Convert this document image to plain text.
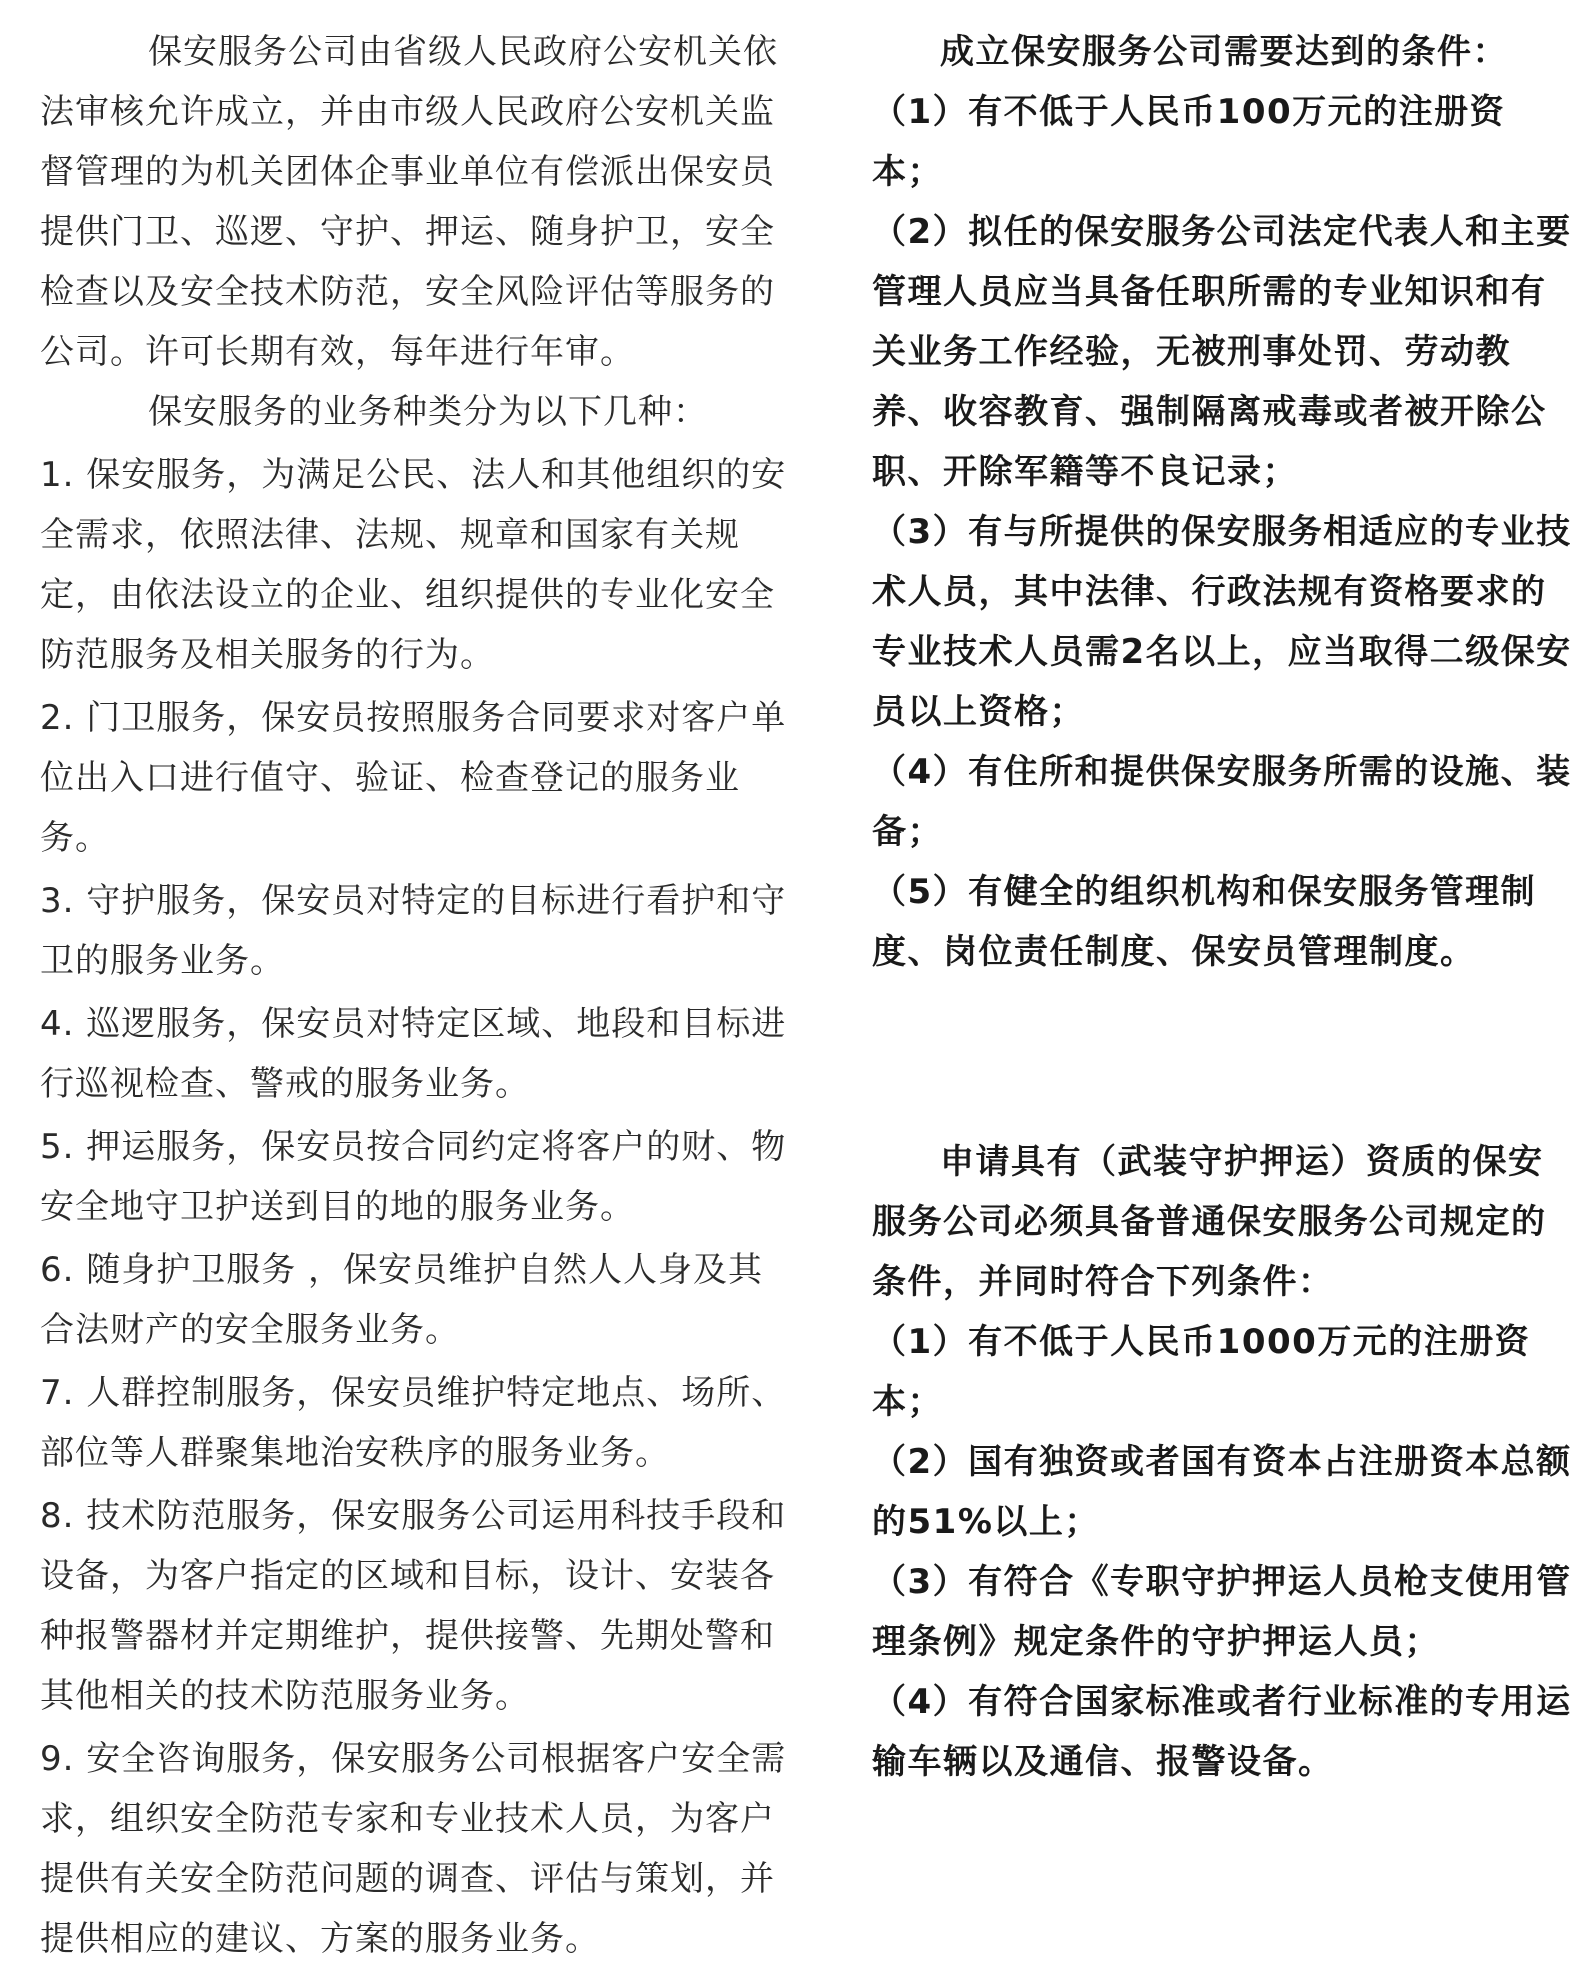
保安服务公司由省级人民政府公安机关依法审核允许成立，并由市级人民政府公安机关监督管理的为机关团体企事业单位有偿派出保安员提供门卫、巡逻、守护、押运、随身护卫，安全检查以及安全技术防范，安全风险评估等服务的公司。许可长期有效，每年进行年审。

保安服务的业务种类分为以下几种：

1. 保安服务，为满足公民、法人和其他组织的安全需求，依照法律、法规、规章和国家有关规定，由依法设立的企业、组织提供的专业化安全防范服务及相关服务的行为。

2. 门卫服务，保安员按照服务合同要求对客户单位出入口进行值守、验证、检查登记的服务业务。

3. 守护服务，保安员对特定的目标进行看护和守卫的服务业务。

4. 巡逻服务，保安员对特定区域、地段和目标进行巡视检查、警戒的服务业务。

5. 押运服务，保安员按合同约定将客户的财、物安全地守卫护送到目的地的服务业务。

6. 随身护卫服务 ，保安员维护自然人人身及其合法财产的安全服务业务。

7. 人群控制服务，保安员维护特定地点、场所、部位等人群聚集地治安秩序的服务业务。

8. 技术防范服务，保安服务公司运用科技手段和设备，为客户指定的区域和目标，设计、安装各种报警器材并定期维护，提供接警、先期处警和其他相关的技术防范服务业务。

9. 安全咨询服务，保安服务公司根据客户安全需求，组织安全防范专家和专业技术人员，为客户提供有关安全防范问题的调查、评估与策划，并提供相应的建议、方案的服务业务。

成立保安服务公司需要达到的条件：

（1）有不低于人民币100万元的注册资本；

（2）拟任的保安服务公司法定代表人和主要管理人员应当具备任职所需的专业知识和有关业务工作经验，无被刑事处罚、劳动教养、收容教育、强制隔离戒毒或者被开除公职、开除军籍等不良记录；

（3）有与所提供的保安服务相适应的专业技术人员，其中法律、行政法规有资格要求的专业技术人员需2名以上，应当取得二级保安员以上资格；

（4）有住所和提供保安服务所需的设施、装备；

（5）有健全的组织机构和保安服务管理制度、岗位责任制度、保安员管理制度。

申请具有（武装守护押运）资质的保安服务公司必须具备普通保安服务公司规定的条件，并同时符合下列条件：

（1）有不低于人民币1000万元的注册资本；

（2）国有独资或者国有资本占注册资本总额的51%以上；

（3）有符合《专职守护押运人员枪支使用管理条例》规定条件的守护押运人员；

（4）有符合国家标准或者行业标准的专用运输车辆以及通信、报警设备。
